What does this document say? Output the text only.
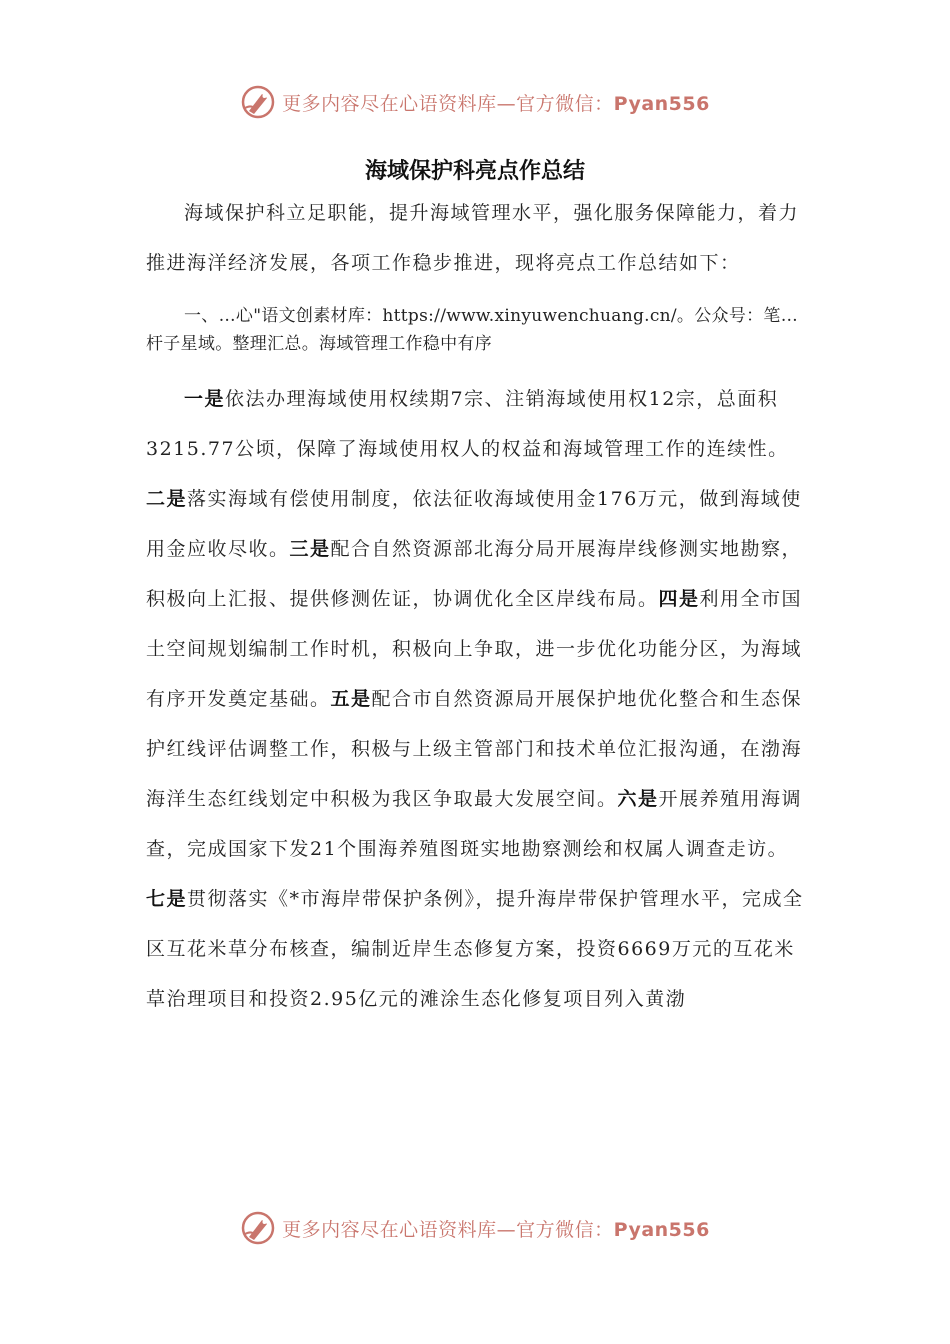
更多内容尽在心语资料库—官方微信：Pyan556
海域保护科亮点作总结

海域保护科立足职能，提升海域管理水平，强化服务保障能力，着力推进海洋经济发展，各项工作稳步推进，现将亮点工作总结如下：

一、…心"语文创素材库：https://www.xinyuwenchuang.cn/。公众号：笔…杆子星域。整理汇总。海域管理工作稳中有序

一是依法办理海域使用权续期7宗、注销海域使用权12宗，总面积3215.77公顷，保障了海域使用权人的权益和海域管理工作的连续性。二是落实海域有偿使用制度，依法征收海域使用金176万元，做到海域使用金应收尽收。三是配合自然资源部北海分局开展海岸线修测实地勘察，积极向上汇报、提供修测佐证，协调优化全区岸线布局。四是利用全市国土空间规划编制工作时机，积极向上争取，进一步优化功能分区，为海域有序开发奠定基础。五是配合市自然资源局开展保护地优化整合和生态保护红线评估调整工作，积极与上级主管部门和技术单位汇报沟通，在渤海海洋生态红线划定中积极为我区争取最大发展空间。六是开展养殖用海调查，完成国家下发21个围海养殖图斑实地勘察测绘和权属人调查走访。七是贯彻落实《*市海岸带保护条例》，提升海岸带保护管理水平，完成全区互花米草分布核查，编制近岸生态修复方案，投资6669万元的互花米草治理项目和投资2.95亿元的滩涂生态化修复项目列入黄渤

更多内容尽在心语资料库—官方微信：Pyan556
